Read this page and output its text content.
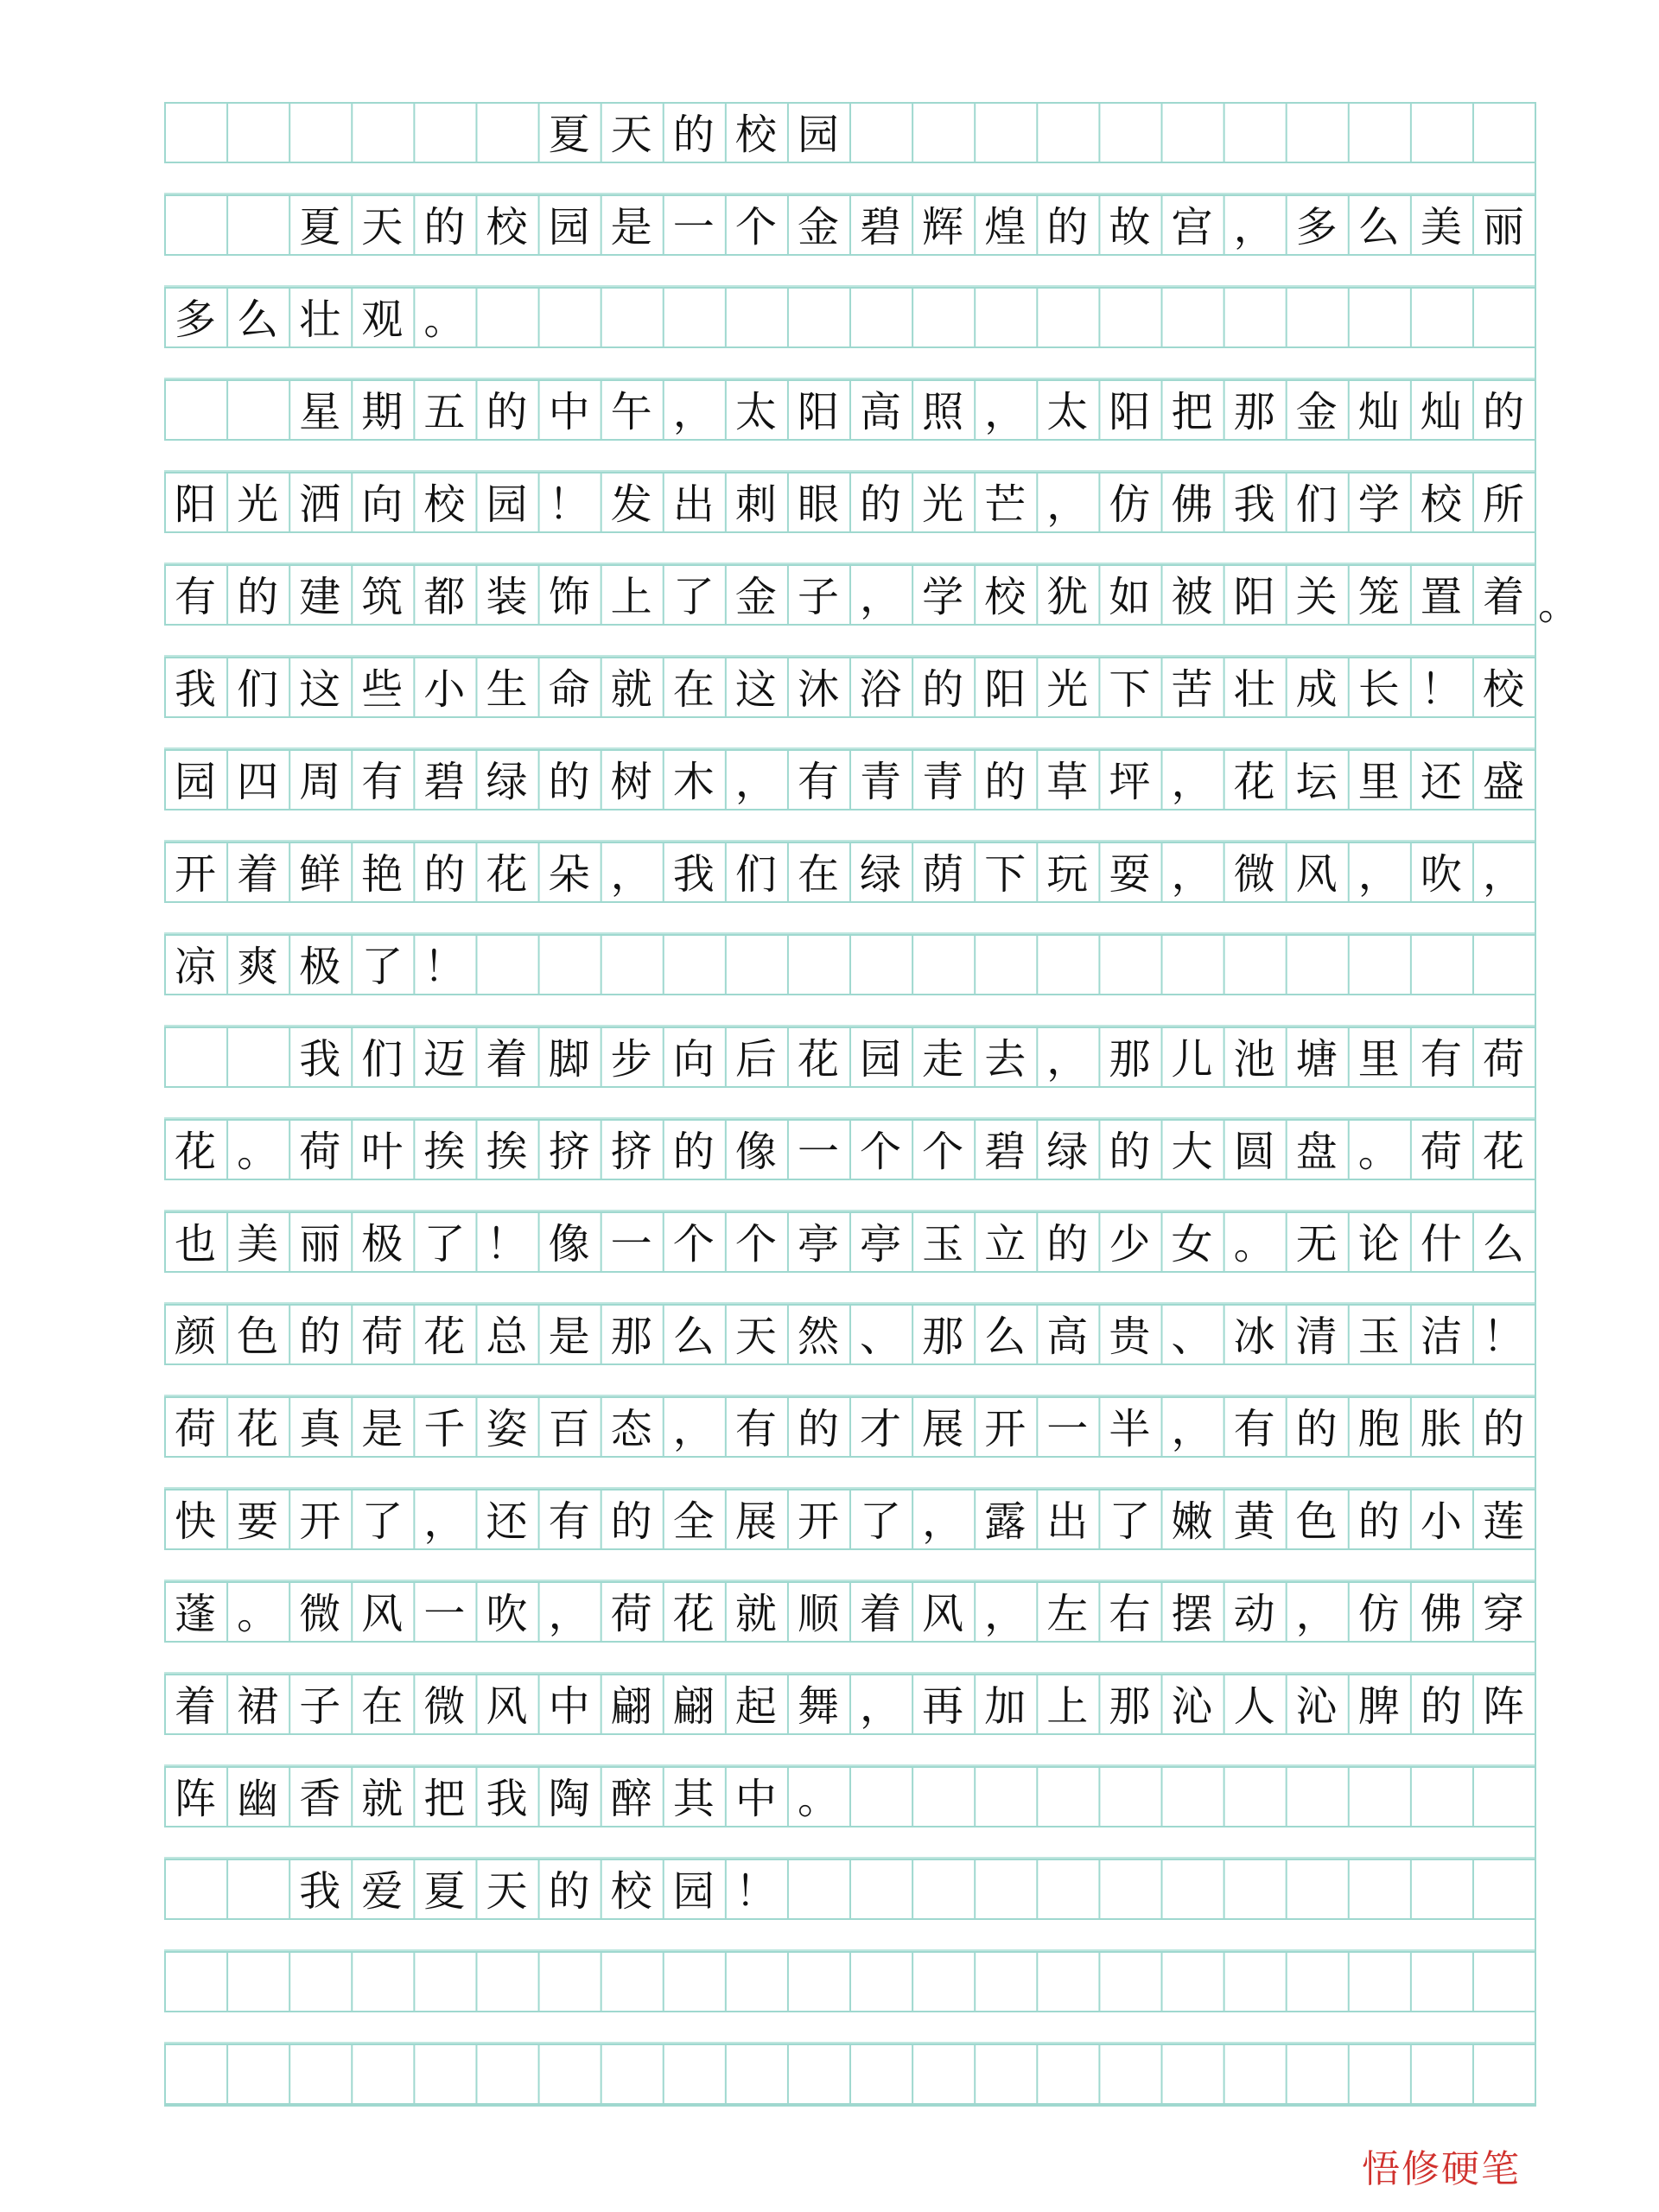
夏 天 的 校 园
夏 天 的 校 园 是 一 个 金 碧 辉 煌 的 故 宫 ， 多 么 美 丽
多 么 壮 观 。
星 期 五 的 中 午 ， 太 阳 高 照 ， 太 阳 把 那 金 灿 灿 的
阳 光 洒 向 校 园 ！ 发 出 刺 眼 的 光 芒 ， 仿 佛 我 们 学 校 所
有 的 建 筑 都 装 饰 上 了 金 子 ， 学 校 犹 如 被 阳 关 笼 置 着
我 们 这 些 小 生 命 就 在 这 沐 浴 的 阳 光 下 苦 壮 成 长 ！ 校
园 四 周 有 碧 绿 的 树 木 ， 有 青 青 的 草 坪 ， 花 坛 里 还 盛
开 着 鲜 艳 的 花 朵 ， 我 们 在 绿 荫 下 玩 耍 ， 微 风 ， 吹 ，
凉 爽 极 了 ！
我 们 迈 着 脚 步 向 后 花 园 走 去 ， 那 儿 池 塘 里 有 荷
花 。 荷 叶 挨 挨 挤 挤 的 像 一 个 个 碧 绿 的 大 圆 盘 。 荷 花
也 美 丽 极 了 ！ 像 一 个 个 亭 亭 玉 立 的 少 女 。 无 论 什 么
颜 色 的 荷 花 总 是 那 么 天 然 、 那 么 高 贵 、 冰 清 玉 洁 ！
荷 花 真 是 千 姿 百 态 ， 有 的 才 展 开 一 半 ， 有 的 胞 胀 的
快 要 开 了 ， 还 有 的 全 展 开 了 ， 露 出 了 嫩 黄 色 的 小 莲
蓬 。 微 风 一 吹 ， 荷 花 就 顺 着 风 ， 左 右 摆 动 ， 仿 佛 穿
着 裙 子 在 微 风 中 翩 翩 起 舞 ， 再 加 上 那 沁 人 沁 脾 的 阵
阵 幽 香 就 把 我 陶 醉 其 中 。
我 爱 夏 天 的 校 园 ！
。
悟修硬笔
